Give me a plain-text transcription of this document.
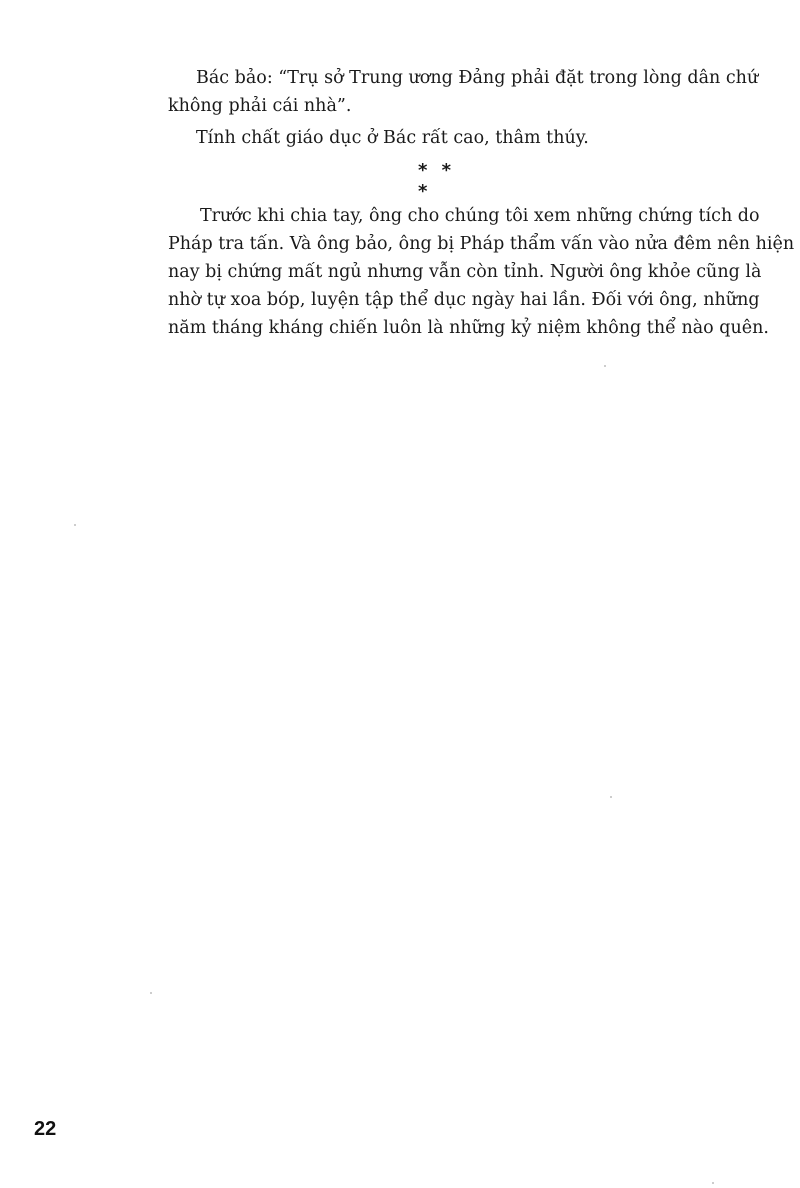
Bác bảo: “Trụ sở Trung ương Đảng phải đặt trong lòng dân chứ
không phải cái nhà”.
Tính chất giáo dục ở Bác rất cao, thâm thúy.
* * *
Trước khi chia tay, ông cho chúng tôi xem những chứng tích do
Pháp tra tấn. Và ông bảo, ông bị Pháp thẩm vấn vào nửa đêm nên hiện
nay bị chứng mất ngủ nhưng vẫn còn tỉnh. Người ông khỏe cũng là
nhờ tự xoa bóp, luyện tập thể dục ngày hai lần. Đối với ông, những
năm tháng kháng chiến luôn là những kỷ niệm không thể nào quên.
22
